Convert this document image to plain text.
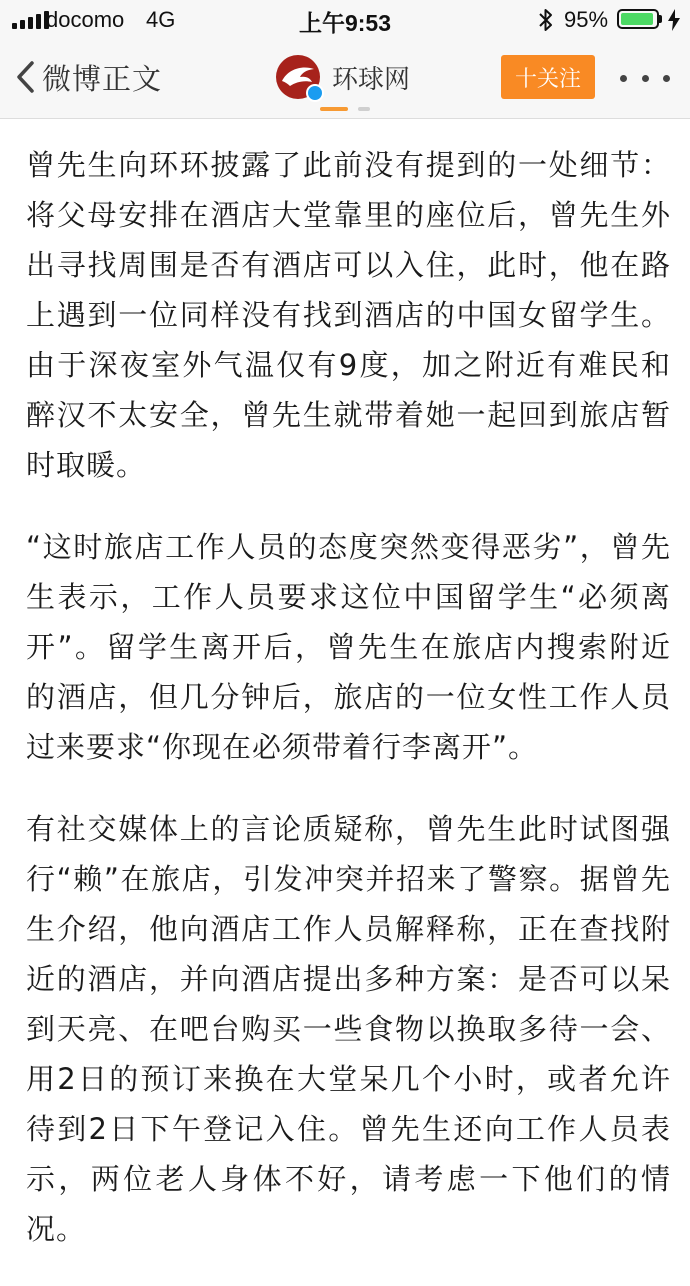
docomo 4G	上午9:53	95%
微博正文	环球网	十关注

曾先生向环环披露了此前没有提到的一处细节：将父母安排在酒店大堂靠里的座位后，曾先生外出寻找周围是否有酒店可以入住，此时，他在路上遇到一位同样没有找到酒店的中国女留学生。由于深夜室外气温仅有9度，加之附近有难民和醉汉不太安全，曾先生就带着她一起回到旅店暂时取暖。

“这时旅店工作人员的态度突然变得恶劣”，曾先生表示，工作人员要求这位中国留学生“必须离开”。留学生离开后，曾先生在旅店内搜索附近的酒店，但几分钟后，旅店的一位女性工作人员过来要求“你现在必须带着行李离开”。

有社交媒体上的言论质疑称，曾先生此时试图强行“赖”在旅店，引发冲突并招来了警察。据曾先生介绍，他向酒店工作人员解释称，正在查找附近的酒店，并向酒店提出多种方案：是否可以呆到天亮、在吧台购买一些食物以换取多待一会、用2日的预订来换在大堂呆几个小时，或者允许待到2日下午登记入住。曾先生还向工作人员表示，两位老人身体不好，请考虑一下他们的情况。
